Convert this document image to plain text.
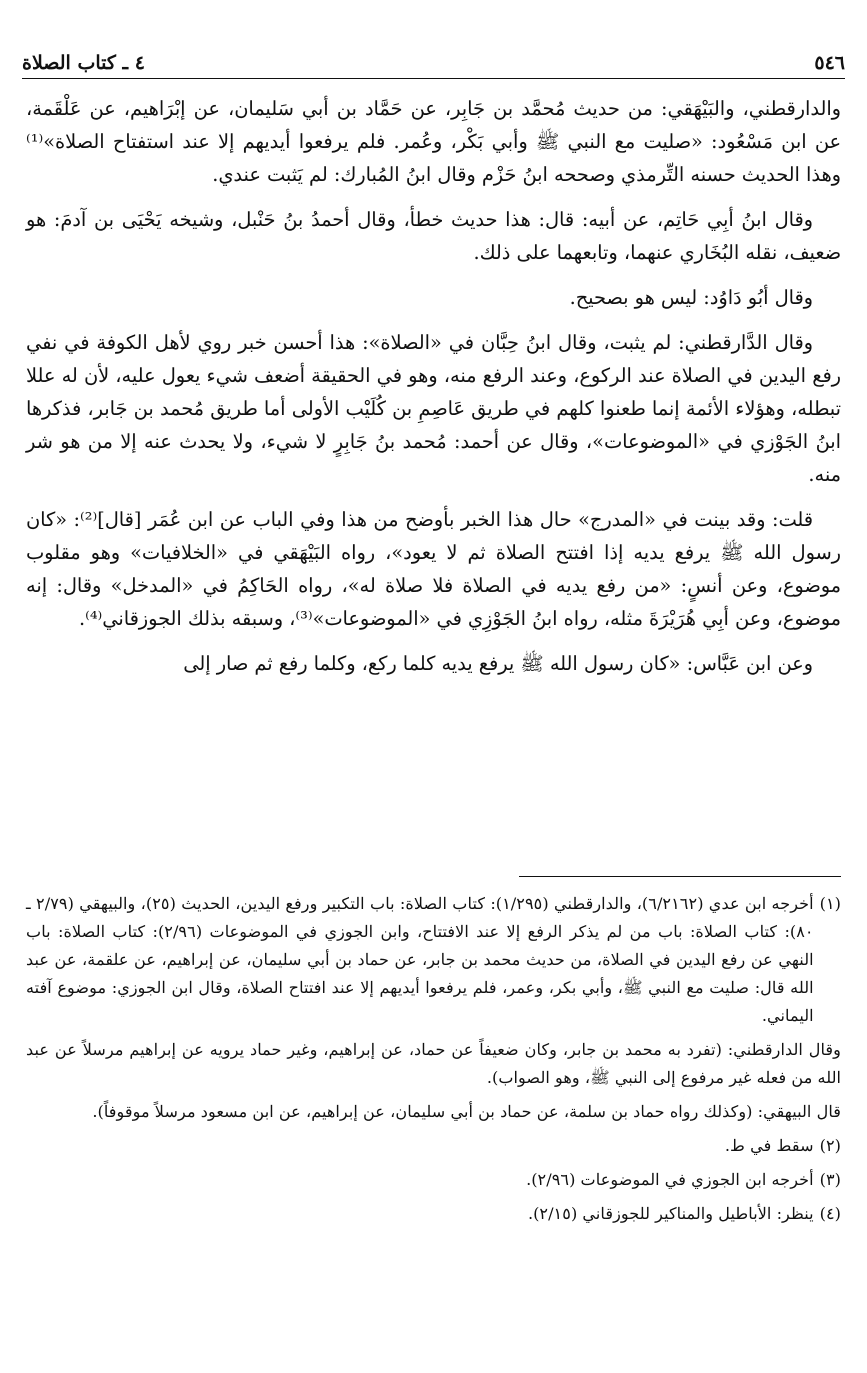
٥٤٦
٤ ـ كتاب الصلاة

والدارقطني، والبَيْهَقي: من حديث مُحمَّد بن جَابِر، عن حَمَّاد بن أبي سَليمان، عن إبْرَاهيم، عن عَلْقَمة، عن ابن مَسْعُود: «صليت مع النبي ﷺ وأبي بَكْر، وعُمر. فلم يرفعوا أيديهم إلا عند استفتاح الصلاة»⁽¹⁾ وهذا الحديث حسنه التِّرمذي وصححه ابنُ حَزْم وقال ابنُ المُبارك: لم يَثبت عندي.

وقال ابنُ أبِي حَاتِم، عن أبيه: قال: هذا حديث خطأ، وقال أحمدُ بنُ حَنْبل، وشيخه يَحْيَى بن آدمَ: هو ضعيف، نقله البُخَاري عنهما، وتابعهما على ذلك.

وقال أبُو دَاوُد: ليس هو بصحيح.

وقال الدَّارقطني: لم يثبت، وقال ابنُ حِبَّان في «الصلاة»: هذا أحسن خبر روي لأهل الكوفة في نفي رفع اليدين في الصلاة عند الركوع، وعند الرفع منه، وهو في الحقيقة أضعف شيء يعول عليه، لأن له عللا تبطله، وهؤلاء الأئمة إنما طعنوا كلهم في طريق عَاصِمِ بن كُلَيْب الأولى أما طريق مُحمد بن جَابر، فذكرها ابنُ الجَوْزي في «الموضوعات»، وقال عن أحمد: مُحمد بنُ جَابِرٍ لا شيء، ولا يحدث عنه إلا من هو شر منه.

قلت: وقد بينت في «المدرج» حال هذا الخبر بأوضح من هذا وفي الباب عن ابن عُمَر [قال]⁽²⁾: «كان رسول الله ﷺ يرفع يديه إذا افتتح الصلاة ثم لا يعود»، رواه البَيْهَقي في «الخلافيات» وهو مقلوب موضوع، وعن أنسٍ: «من رفع يديه في الصلاة فلا صلاة له»، رواه الحَاكِمُ في «المدخل» وقال: إنه موضوع، وعن أبِي هُرَيْرَةَ مثله، رواه ابنُ الجَوْزِي في «الموضوعات»⁽³⁾، وسبقه بذلك الجوزقاني⁽⁴⁾.

وعن ابن عَبَّاس: «كان رسول الله ﷺ يرفع يديه كلما ركع، وكلما رفع ثم صار إلى

(١)
أخرجه ابن عدي (٦/٢١٦٢)، والدارقطني (١/٢٩٥): كتاب الصلاة: باب التكبير ورفع اليدين، الحديث (٢٥)، والبيهقي (٢/٧٩ ـ ٨٠): كتاب الصلاة: باب من لم يذكر الرفع إلا عند الافتتاح، وابن الجوزي في الموضوعات (٢/٩٦): كتاب الصلاة: باب النهي عن رفع اليدين في الصلاة، من حديث محمد بن جابر، عن حماد بن أبي سليمان، عن إبراهيم، عن علقمة، عن عبد الله قال: صليت مع النبي ﷺ، وأبي بكر، وعمر، فلم يرفعوا أيديهم إلا عند افتتاح الصلاة، وقال ابن الجوزي: موضوع آفته اليماني.

وقال الدارقطني: (تفرد به محمد بن جابر، وكان ضعيفاً عن حماد، عن إبراهيم، وغير حماد يرويه عن إبراهيم مرسلاً عن عبد الله من فعله غير مرفوع إلى النبي ﷺ، وهو الصواب).

قال البيهقي: (وكذلك رواه حماد بن سلمة، عن حماد بن أبي سليمان، عن إبراهيم، عن ابن مسعود مرسلاً موقوفاً).

(٢)
سقط في ط.
(٣)
أخرجه ابن الجوزي في الموضوعات (٢/٩٦).
(٤)
ينظر: الأباطيل والمناكير للجوزقاني (٢/١٥).
